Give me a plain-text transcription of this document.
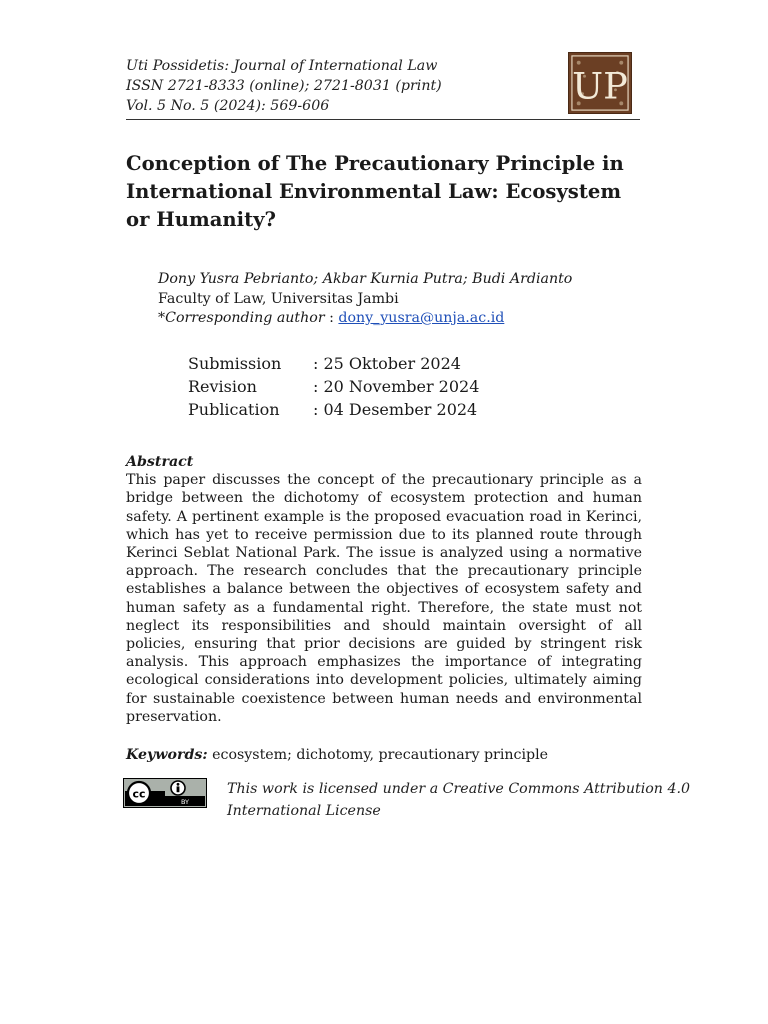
Uti Possidetis: Journal of International Law
ISSN 2721-8333 (online); 2721-8031 (print)
Vol. 5 No. 5 (2024): 569-606	UP
Conception of The Precautionary Principle in International Environmental Law: Ecosystem or Humanity?
Dony Yusra Pebrianto; Akbar Kurnia Putra; Budi Ardianto
Faculty of Law, Universitas Jambi
*Corresponding author : dony_yusra@unja.ac.id
Submission	: 25 Oktober 2024
Revision	: 20 November 2024
Publication	: 04 Desember 2024
Abstract
This paper discusses the concept of the precautionary principle as a bridge between the dichotomy of ecosystem protection and human safety. A pertinent example is the proposed evacuation road in Kerinci, which has yet to receive permission due to its planned route through Kerinci Seblat National Park. The issue is analyzed using a normative approach. The research concludes that the precautionary principle establishes a balance between the objectives of ecosystem safety and human safety as a fundamental right. Therefore, the state must not neglect its responsibilities and should maintain oversight of all policies, ensuring that prior decisions are guided by stringent risk analysis. This approach emphasizes the importance of integrating ecological considerations into development policies, ultimately aiming for sustainable coexistence between human needs and environmental preservation.
Keywords: ecosystem; dichotomy, precautionary principle
cc
BY
This work is licensed under a Creative Commons Attribution 4.0 International License
